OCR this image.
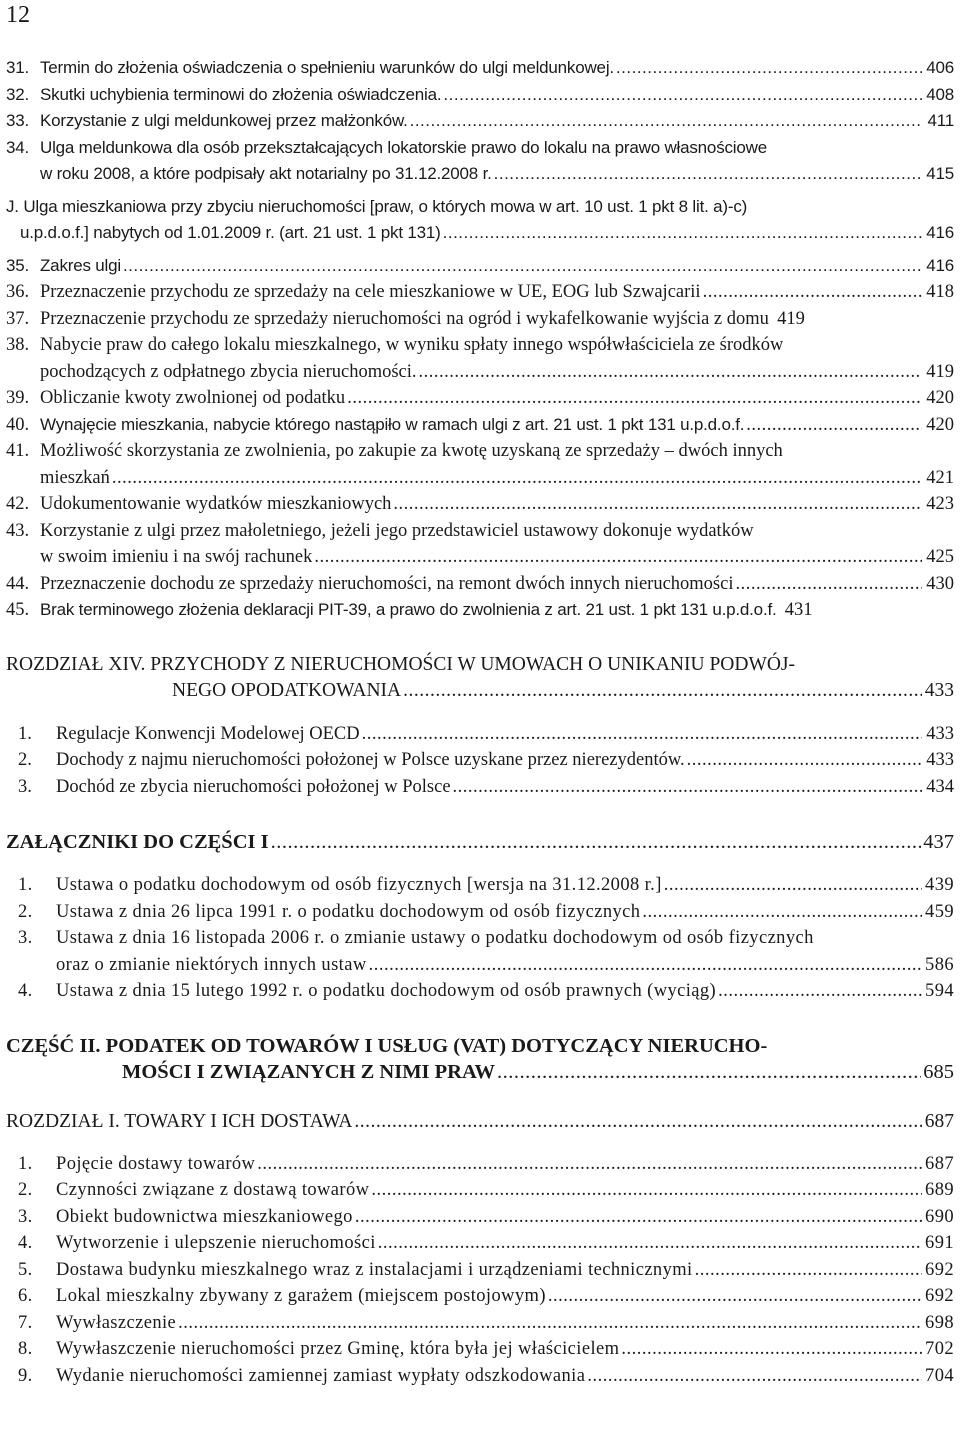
12
31. Termin do złożenia oświadczenia o spełnieniu warunków do ulgi meldunkowej. .....	406
32. Skutki uchybienia terminowi do złożenia oświadczenia. .....	408
33. Korzystanie z ulgi meldunkowej przez małżonków. .....	411
34. Ulga meldunkowa dla osób przekształcających lokatorskie prawo do lokalu na prawo własnościowe
w roku 2008, a które podpisały akt notarialny po 31.12.2008 r. .....	415
J. Ulga mieszkaniowa przy zbyciu nieruchomości [praw, o których mowa w art. 10 ust. 1 pkt 8 lit. a)-c)
u.p.d.o.f.] nabytych od 1.01.2009 r. (art. 21 ust. 1 pkt 131) .....	416
35. Zakres ulgi .....	416
36. Przeznaczenie przychodu ze sprzedaży na cele mieszkaniowe w UE, EOG lub Szwajcarii .....	418
37. Przeznaczenie przychodu ze sprzedaży nieruchomości na ogród i wykafelkowanie wyjścia z domu 419
38. Nabycie praw do całego lokalu mieszkalnego, w wyniku spłaty innego współwłaściciela ze środków
pochodzących z odpłatnego zbycia nieruchomości. .....	419
39. Obliczanie kwoty zwolnionej od podatku .....	420
40. Wynajęcie mieszkania, nabycie którego nastąpiło w ramach ulgi z art. 21 ust. 1 pkt 131 u.p.d.o.f. .....	420
41. Możliwość skorzystania ze zwolnienia, po zakupie za kwotę uzyskaną ze sprzedaży – dwóch innych
mieszkań .....	421
42. Udokumentowanie wydatków mieszkaniowych .....	423
43. Korzystanie z ulgi przez małoletniego, jeżeli jego przedstawiciel ustawowy dokonuje wydatków
w swoim imieniu i na swój rachunek .....	425
44. Przeznaczenie dochodu ze sprzedaży nieruchomości, na remont dwóch innych nieruchomości .....	430
45. Brak terminowego złożenia deklaracji PIT-39, a prawo do zwolnienia z art. 21 ust. 1 pkt 131 u.p.d.o.f. 431
ROZDZIAŁ XIV. PRZYCHODY Z NIERUCHOMOŚCI W UMOWACH O UNIKANIU PODWÓJ-
NEGO OPODATKOWANIA .....	433
1.	Regulacje Konwencji Modelowej OECD .....	433
2.	Dochody z najmu nieruchomości położonej w Polsce uzyskane przez nierezydentów. .....	433
3.	Dochód ze zbycia nieruchomości położonej w Polsce .....	434
ZAŁĄCZNIKI DO CZĘŚCI I .....	437
1.	Ustawa o podatku dochodowym od osób fizycznych [wersja na 31.12.2008 r.] .....	439
2.	Ustawa z dnia 26 lipca 1991 r. o podatku dochodowym od osób fizycznych .....	459
3.	Ustawa z dnia 16 listopada 2006 r. o zmianie ustawy o podatku dochodowym od osób fizycznych
oraz o zmianie niektórych innych ustaw .....	586
4.	Ustawa z dnia 15 lutego 1992 r. o podatku dochodowym od osób prawnych (wyciąg) .....	594
CZĘŚĆ II. PODATEK OD TOWARÓW I USŁUG (VAT) DOTYCZĄCY NIERUCHO-
MOŚCI I ZWIĄZANYCH Z NIMI PRAW .....	685
ROZDZIAŁ I. TOWARY I ICH DOSTAWA .....	687
1.	Pojęcie dostawy towarów .....	687
2.	Czynności związane z dostawą towarów .....	689
3.	Obiekt budownictwa mieszkaniowego .....	690
4.	Wytworzenie i ulepszenie nieruchomości .....	691
5.	Dostawa budynku mieszkalnego wraz z instalacjami i urządzeniami technicznymi .....	692
6.	Lokal mieszkalny zbywany z garażem (miejscem postojowym) .....	692
7.	Wywłaszczenie .....	698
8.	Wywłaszczenie nieruchomości przez Gminę, która była jej właścicielem .....	702
9.	Wydanie nieruchomości zamiennej zamiast wypłaty odszkodowania .....	704
